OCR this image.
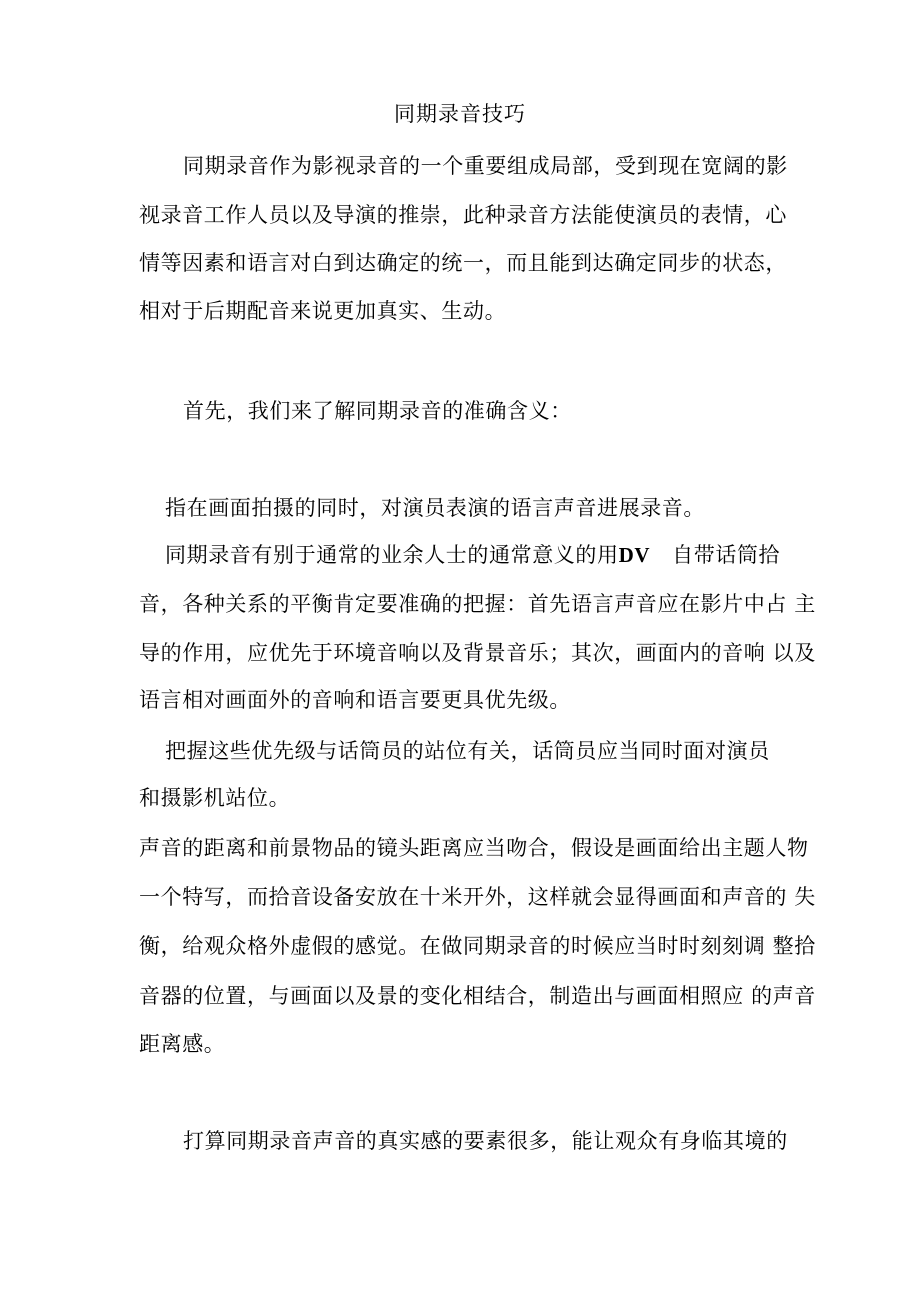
同期录音技巧
同期录音作为影视录音的一个重要组成局部，受到现在宽阔的影
视录音工作人员以及导演的推崇，此种录音方法能使演员的表情，心
情等因素和语言对白到达确定的统一，而且能到达确定同步的状态，
相对于后期配音来说更加真实、生动。
首先，我们来了解同期录音的准确含义：
指在画面拍摄的同时，对演员表演的语言声音进展录音。
同期录音有别于通常的业余人士的通常意义的用DV 自带话筒拾
音，各种关系的平衡肯定要准确的把握：首先语言声音应在影片中占 主
导的作用，应优先于环境音响以及背景音乐；其次，画面内的音响 以及
语言相对画面外的音响和语言要更具优先级。
把握这些优先级与话筒员的站位有关，话筒员应当同时面对演员
和摄影机站位。
声音的距离和前景物品的镜头距离应当吻合，假设是画面给出主题人物
一个特写，而拾音设备安放在十米开外，这样就会显得画面和声音的 失
衡，给观众格外虚假的感觉。在做同期录音的时候应当时时刻刻调 整拾
音器的位置，与画面以及景的变化相结合，制造出与画面相照应 的声音
距离感。
打算同期录音声音的真实感的要素很多，能让观众有身临其境的
